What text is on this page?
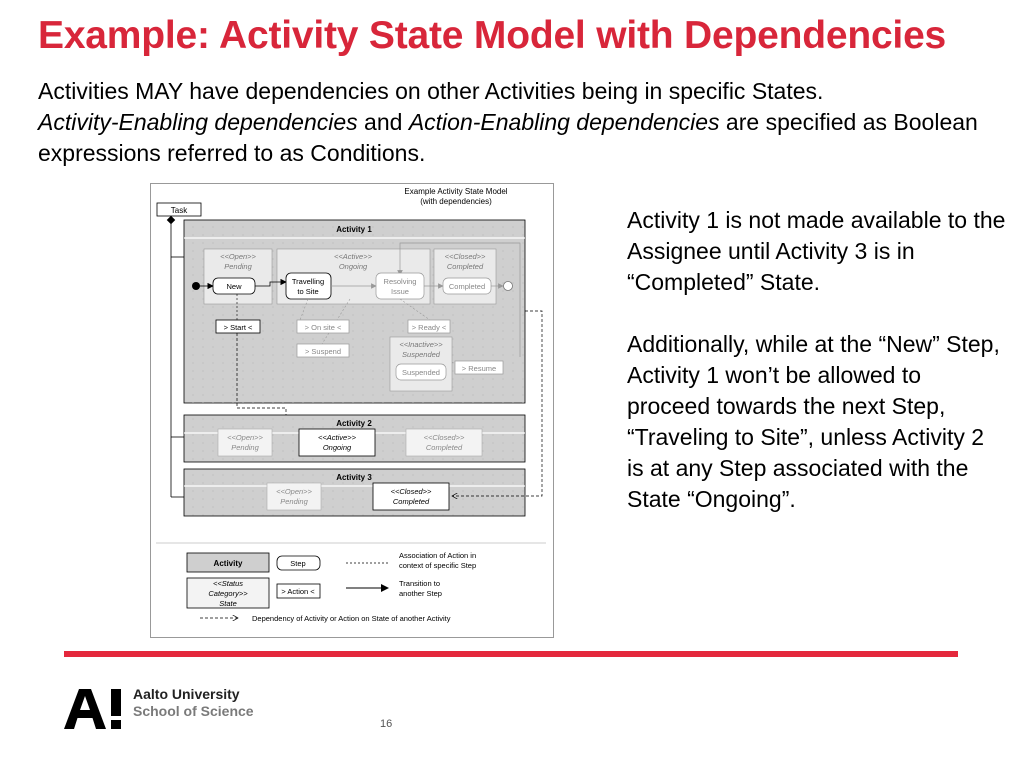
Example: Activity State Model with Dependencies
Activities MAY have dependencies on other Activities being in specific States.
Activity-Enabling dependencies and Action-Enabling dependencies are specified as Boolean expressions referred to as Conditions.
Example Activity State Model
(with dependencies)
Task
Activity 1
<<Open>>
Pending
<<Active>>
Ongoing
<<Closed>>
Completed
New
Travelling
to Site
Resolving
Issue
Completed
> Start <	> On site <	> Ready <
> Suspend
<<Inactive>>
Suspended
Suspended	> Resume
Activity 2
<<Open>>
Pending
<<Active>>
Ongoing
<<Closed>>
Completed
Activity 3
<<Open>>
Pending
<<Closed>>
Completed
Activity	Step
Association of Action in
context of specific Step
<<Status
Category>>
State
> Action <
Transition to
another Step
Dependency of Activity or Action on State of another Activity

Activity 1 is not made available to the Assignee until Activity 3 is in “Completed” State.

Additionally, while at the “New” Step, Activity 1 won’t be allowed to proceed towards the next Step, “Traveling to Site”, unless Activity 2 is at any Step associated with the State “Ongoing”.

A!	Aalto University
School of Science
16
